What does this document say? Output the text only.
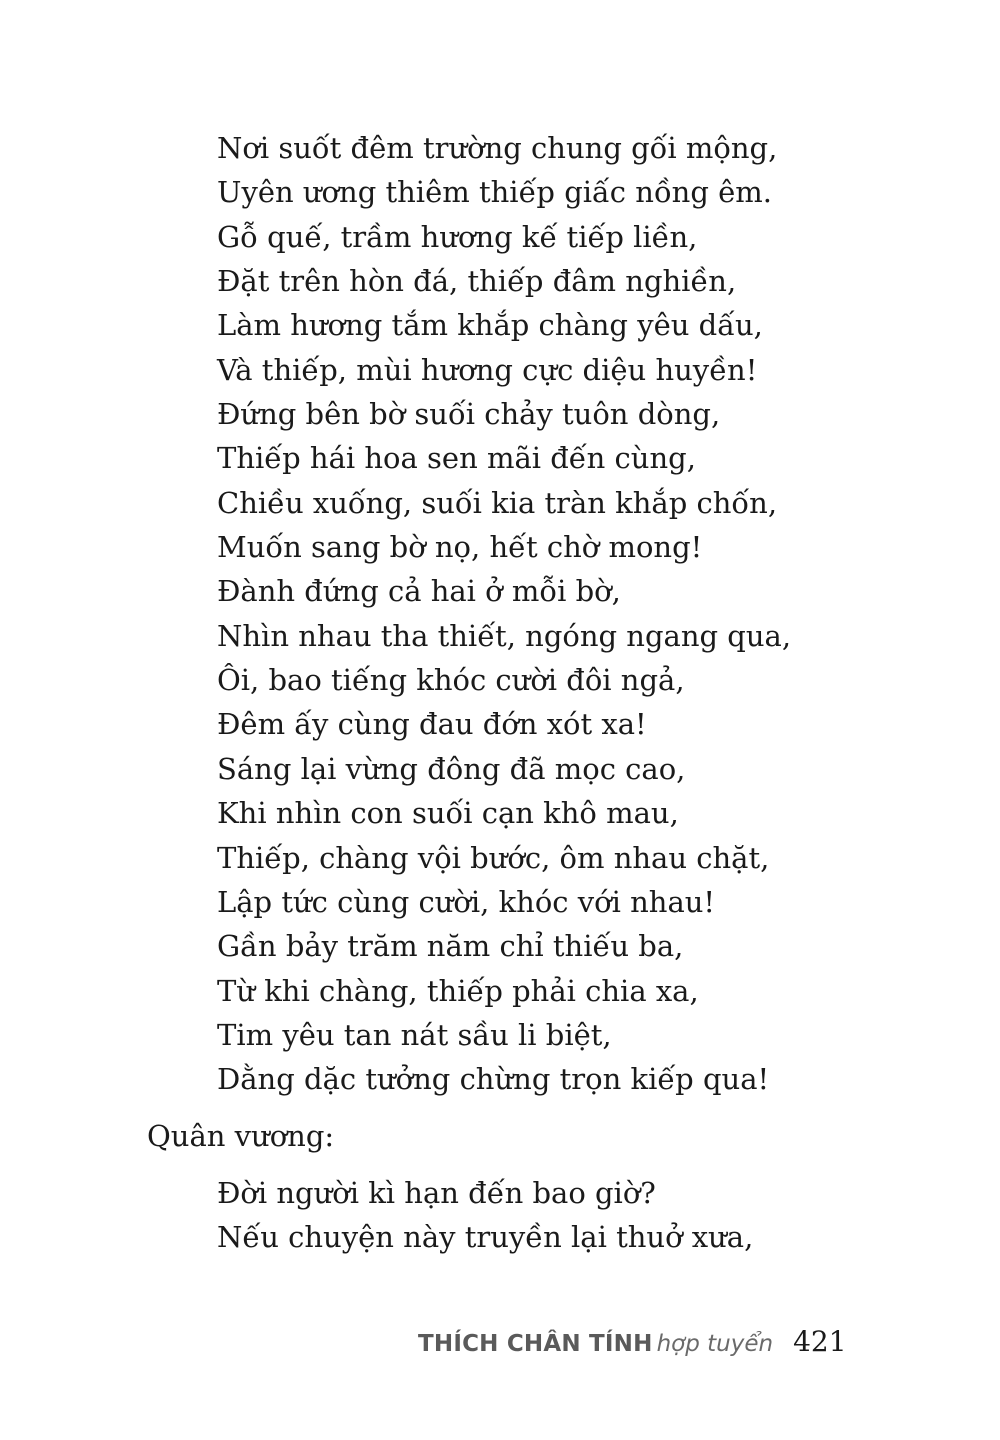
Nơi suốt đêm trường chung gối mộng,
Uyên ương thiêm thiếp giấc nồng êm.
Gỗ quế, trầm hương kế tiếp liền,
Đặt trên hòn đá, thiếp đâm nghiền,
Làm hương tắm khắp chàng yêu dấu,
Và thiếp, mùi hương cực diệu huyền!
Đứng bên bờ suối chảy tuôn dòng,
Thiếp hái hoa sen mãi đến cùng,
Chiều xuống, suối kia tràn khắp chốn,
Muốn sang bờ nọ, hết chờ mong!
Đành đứng cả hai ở mỗi bờ,
Nhìn nhau tha thiết, ngóng ngang qua,
Ôi, bao tiếng khóc cười đôi ngả,
Đêm ấy cùng đau đớn xót xa!
Sáng lại vừng đông đã mọc cao,
Khi nhìn con suối cạn khô mau,
Thiếp, chàng vội bước, ôm nhau chặt,
Lập tức cùng cười, khóc với nhau!
Gần bảy trăm năm chỉ thiếu ba,
Từ khi chàng, thiếp phải chia xa,
Tim yêu tan nát sầu li biệt,
Dằng dặc tưởng chừng trọn kiếp qua!
Quân vương:
Đời người kì hạn đến bao giờ?
Nếu chuyện này truyền lại thuở xưa,
THÍCH CHÂN TÍNH hợp tuyển 421
